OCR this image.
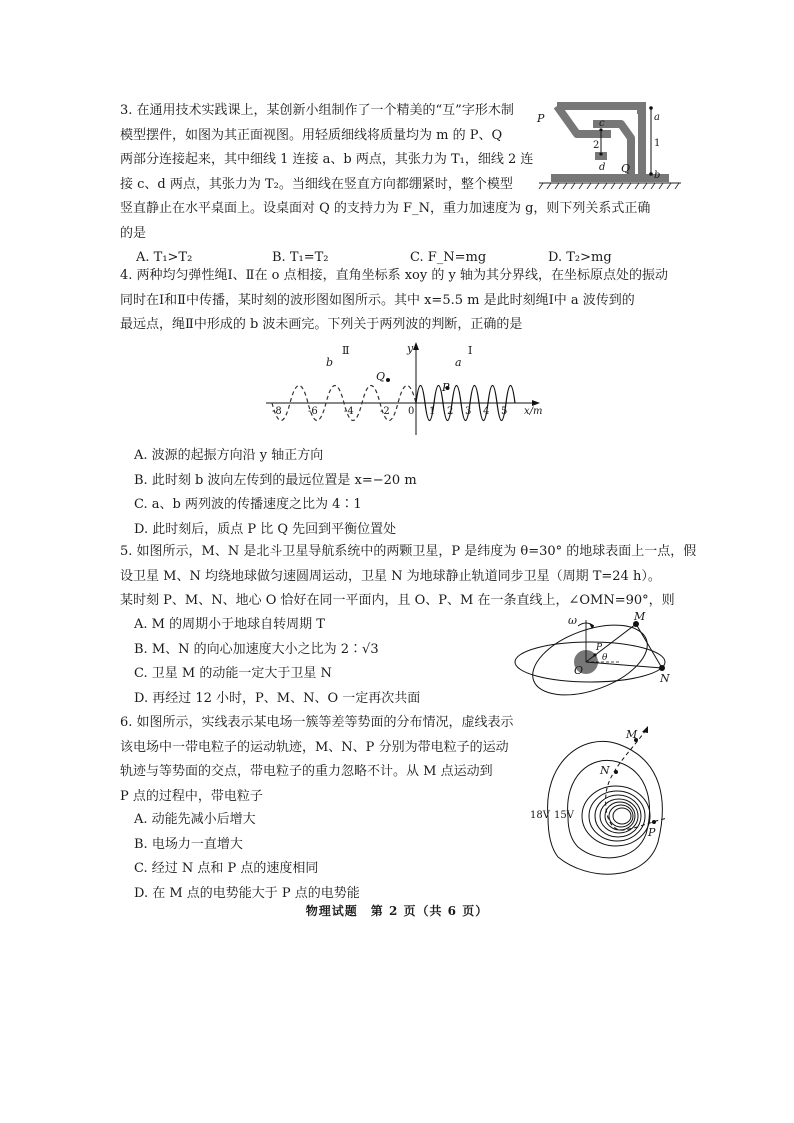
3. 在通用技术实践课上，某创新小组制作了一个精美的“互”字形木制

模型摆件，如图为其正面视图。用轻质细线将质量均为 m 的 P、Q

两部分连接起来，其中细线 1 连接 a、b 两点，其张力为 T₁，细线 2 连

接 c、d 两点，其张力为 T₂。当细线在竖直方向都绷紧时，整个模型

竖直静止在水平桌面上。设桌面对 Q 的支持力为 F_N，重力加速度为 g，则下列关系式正确

的是

A. T₁>T₂	B. T₁=T₂	C. F_N=mg	D. T₂>mg
P	c
2
d Q
a
1
b

4. 两种均匀弹性绳Ⅰ、Ⅱ在 o 点相接，直角坐标系 xoy 的 y 轴为其分界线，在坐标原点处的振动

同时在Ⅰ和Ⅱ中传播，某时刻的波形图如图所示。其中 x=5.5 m 是此时刻绳Ⅰ中 a 波传到的

最远点，绳Ⅱ中形成的 b 波未画完。下列关于两列波的判断，正确的是

-8	-6	-4	-2 0 1 2 3 4 5 x/m
y
Ⅱ	Ⅰ
b	a
Q
P

A. 波源的起振方向沿 y 轴正方向

B. 此时刻 b 波向左传到的最远位置是 x=−20 m

C. a、b 两列波的传播速度之比为 4∶1

D. 此时刻后，质点 P 比 Q 先回到平衡位置处

5. 如图所示，M、N 是北斗卫星导航系统中的两颗卫星，P 是纬度为 θ=30° 的地球表面上一点，假

设卫星 M、N 均绕地球做匀速圆周运动，卫星 N 为地球静止轨道同步卫星（周期 T=24 h）。

某时刻 P、M、N、地心 O 恰好在同一平面内，且 O、P、M 在一条直线上，∠OMN=90°，则

A. M 的周期小于地球自转周期 T

B. M、N 的向心加速度大小之比为 2∶√3

C. 卫星 M 的动能一定大于卫星 N

D. 再经过 12 小时，P、M、N、O 一定再次共面

ω	M
N
O
P
θ

6. 如图所示，实线表示某电场一簇等差等势面的分布情况，虚线表示

该电场中一带电粒子的运动轨迹，M、N、P 分别为带电粒子的运动

轨迹与等势面的交点，带电粒子的重力忽略不计。从 M 点运动到

P 点的过程中，带电粒子

A. 动能先减小后增大

B. 电场力一直增大

C. 经过 N 点和 P 点的速度相同

D. 在 M 点的电势能大于 P 点的电势能

M
N
P
18V 15V
物理试题　第 2 页（共 6 页）
